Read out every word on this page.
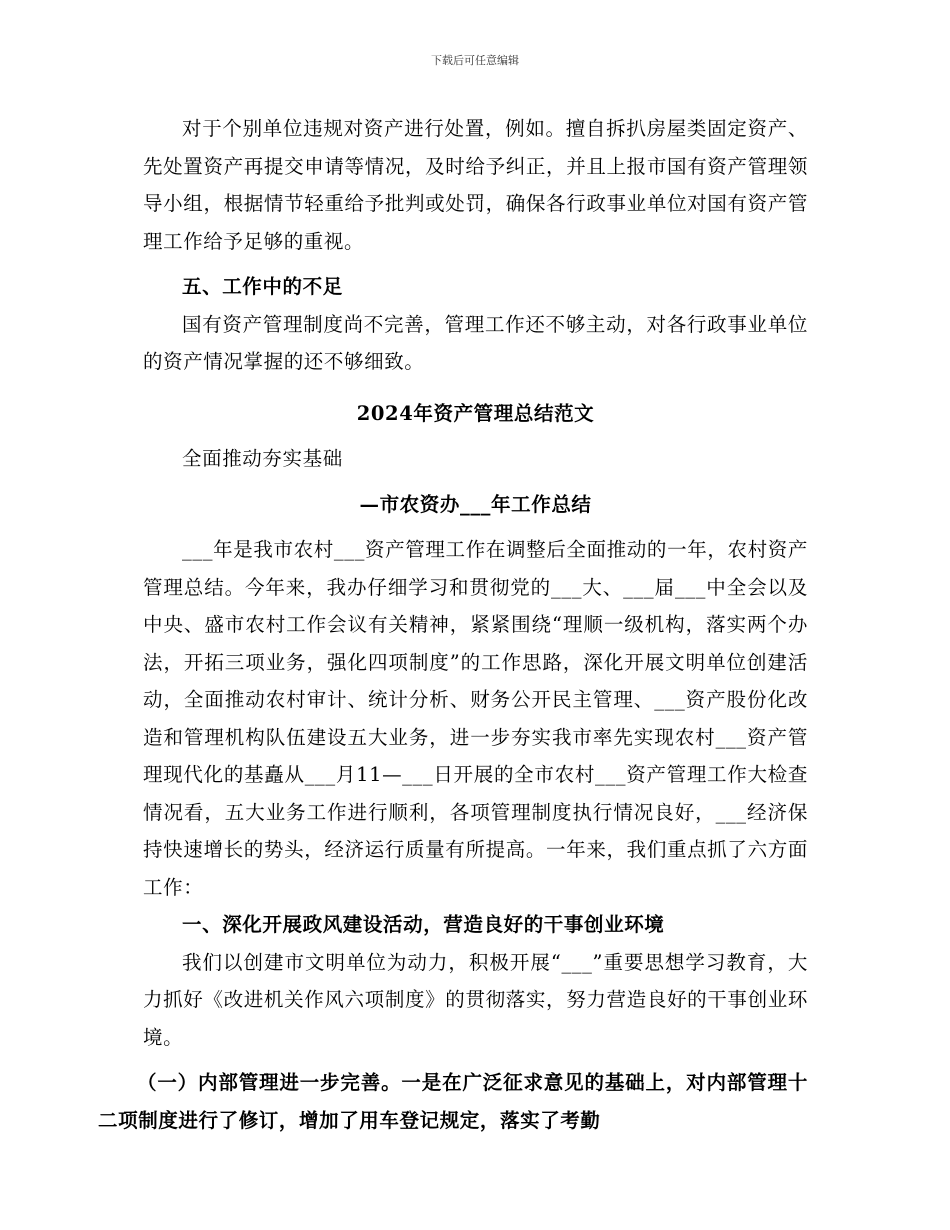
下载后可任意编辑

对于个别单位违规对资产进行处置，例如。擅自拆扒房屋类固定资产、先处置资产再提交申请等情况，及时给予纠正，并且上报市国有资产管理领导小组，根据情节轻重给予批判或处罚，确保各行政事业单位对国有资产管理工作给予足够的重视。

五、工作中的不足

国有资产管理制度尚不完善，管理工作还不够主动，对各行政事业单位的资产情况掌握的还不够细致。

2024年资产管理总结范文

全面推动夯实基础

—市农资办___年工作总结

___年是我市农村___资产管理工作在调整后全面推动的一年，农村资产管理总结。今年来，我办仔细学习和贯彻党的___大、___届___中全会以及中央、盛市农村工作会议有关精神，紧紧围绕“理顺一级机构，落实两个办法，开拓三项业务，强化四项制度”的工作思路，深化开展文明单位创建活动，全面推动农村审计、统计分析、财务公开民主管理、___资产股份化改造和管理机构队伍建设五大业务，进一步夯实我市率先实现农村___资产管理现代化的基矗从___月11—___日开展的全市农村___资产管理工作大检查情况看，五大业务工作进行顺利，各项管理制度执行情况良好，___经济保持快速增长的势头，经济运行质量有所提高。一年来，我们重点抓了六方面工作：

一、深化开展政风建设活动，营造良好的干事创业环境

我们以创建市文明单位为动力，积极开展“___”重要思想学习教育，大力抓好《改进机关作风六项制度》的贯彻落实，努力营造良好的干事创业环境。

（一）内部管理进一步完善。一是在广泛征求意见的基础上，对内部管理十二项制度进行了修订，增加了用车登记规定，落实了考勤
